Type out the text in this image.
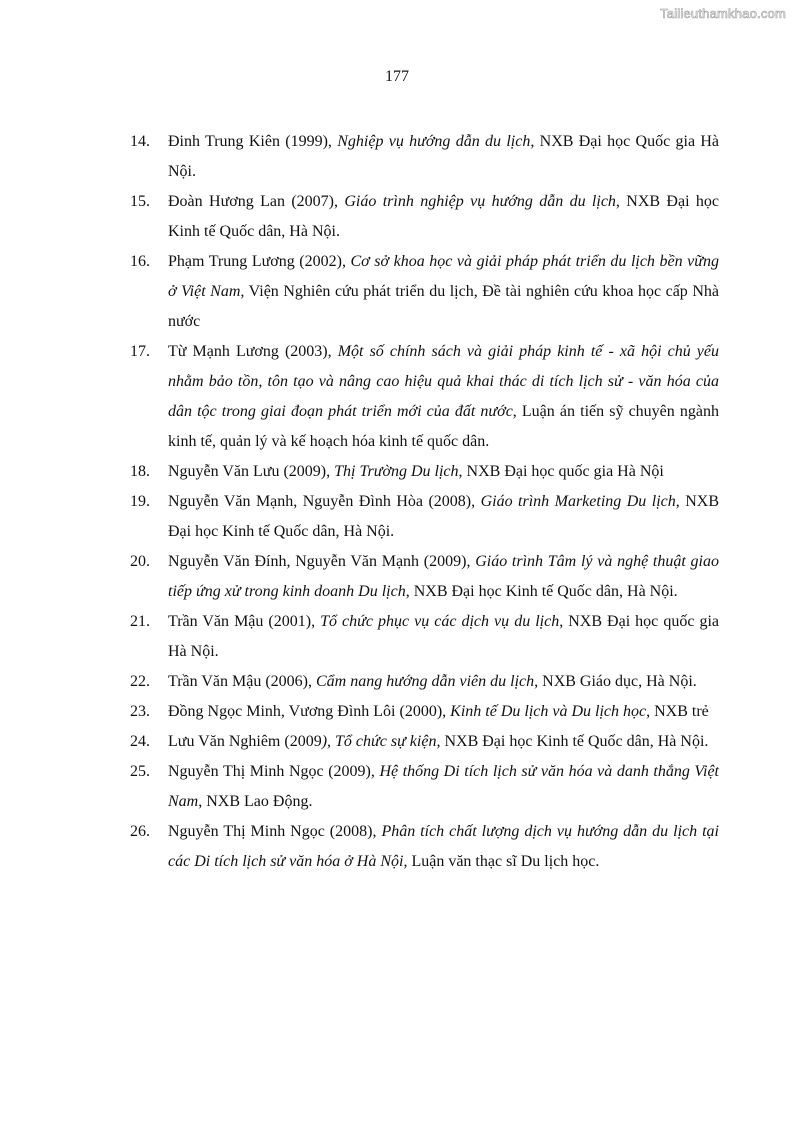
Tailieuthamkhao.com
177
14. Đinh Trung Kiên (1999), Nghiệp vụ hướng dẫn du lịch, NXB Đại học Quốc gia Hà Nội.
15. Đoàn Hương Lan (2007), Giáo trình nghiệp vụ hướng dẫn du lịch, NXB Đại học Kinh tế Quốc dân, Hà Nội.
16. Phạm Trung Lương (2002), Cơ sở khoa học và giải pháp phát triển du lịch bền vững ở Việt Nam, Viện Nghiên cứu phát triển du lịch, Đề tài nghiên cứu khoa học cấp Nhà nước
17. Từ Mạnh Lương (2003), Một số chính sách và giải pháp kinh tế - xã hội chủ yếu nhằm bảo tồn, tôn tạo và nâng cao hiệu quả khai thác di tích lịch sử - văn hóa của dân tộc trong giai đoạn phát triển mới của đất nước, Luận án tiến sỹ chuyên ngành kinh tế, quản lý và kế hoạch hóa kinh tế quốc dân.
18. Nguyễn Văn Lưu (2009), Thị Trường Du lịch, NXB Đại học quốc gia Hà Nội
19. Nguyễn Văn Mạnh, Nguyễn Đình Hòa (2008), Giáo trình Marketing Du lịch, NXB Đại học Kinh tế Quốc dân, Hà Nội.
20. Nguyễn Văn Đính, Nguyễn Văn Mạnh (2009), Giáo trình Tâm lý và nghệ thuật giao tiếp ứng xử trong kinh doanh Du lịch, NXB Đại học Kinh tế Quốc dân, Hà Nội.
21. Trần Văn Mậu (2001), Tổ chức phục vụ các dịch vụ du lịch, NXB Đại học quốc gia Hà Nội.
22. Trần Văn Mậu (2006), Cẩm nang hướng dẫn viên du lịch, NXB Giáo dục, Hà Nội.
23. Đồng Ngọc Minh, Vương Đình Lôi (2000), Kinh tế Du lịch và Du lịch học, NXB trẻ
24. Lưu Văn Nghiêm (2009), Tổ chức sự kiện, NXB Đại học Kinh tế Quốc dân, Hà Nội.
25. Nguyễn Thị Minh Ngọc (2009), Hệ thống Di tích lịch sử văn hóa và danh thắng Việt Nam, NXB Lao Động.
26. Nguyễn Thị Minh Ngọc (2008), Phân tích chất lượng dịch vụ hướng dẫn du lịch tại các Di tích lịch sử văn hóa ở Hà Nội, Luận văn thạc sĩ Du lịch học.
